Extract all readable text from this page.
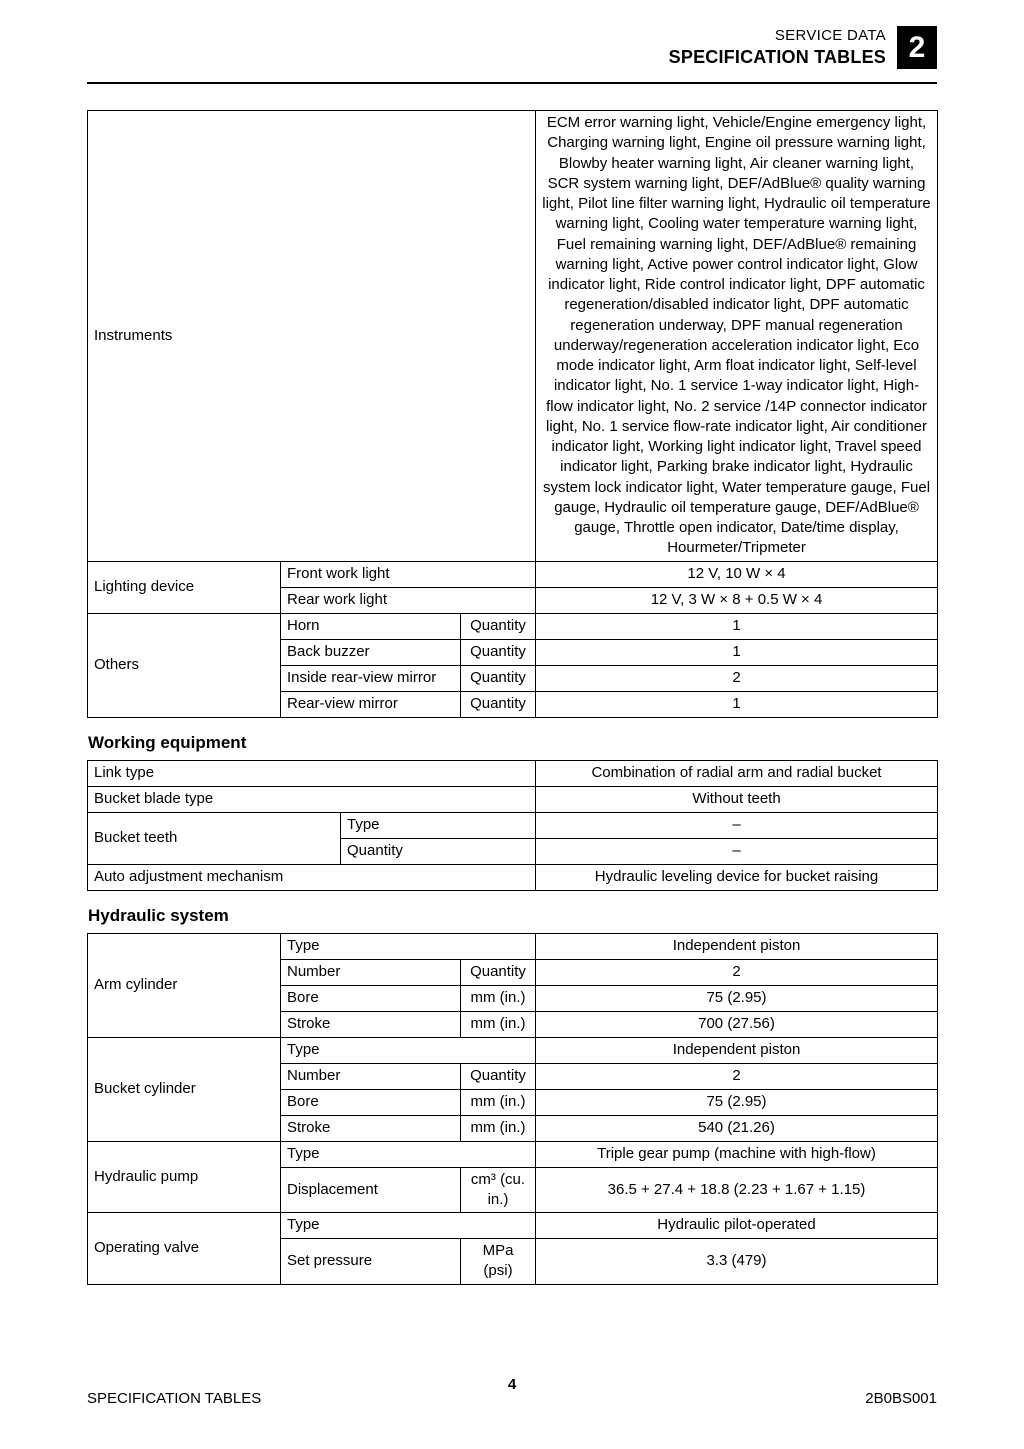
SERVICE DATA
SPECIFICATION TABLES 2
Instruments			ECM error warning light, Vehicle/Engine emergency light, Charging warning light, Engine oil pressure warning light, Blowby heater warning light, Air cleaner warning light, SCR system warning light, DEF/AdBlue® quality warning light, Pilot line filter warning light, Hydraulic oil temperature warning light, Cooling water temperature warning light, Fuel remaining warning light, DEF/AdBlue® remaining warning light, Active power control indicator light, Glow indicator light, Ride control indicator light, DPF automatic regeneration/disabled indicator light, DPF automatic regeneration underway, DPF manual regeneration underway/regeneration acceleration indicator light, Eco mode indicator light, Arm float indicator light, Self-level indicator light, No. 1 service 1-way indicator light, High-flow indicator light, No. 2 service /14P connector indicator light, No. 1 service flow-rate indicator light, Air conditioner indicator light, Working light indicator light, Travel speed indicator light, Parking brake indicator light, Hydraulic system lock indicator light, Water temperature gauge, Fuel gauge, Hydraulic oil temperature gauge, DEF/AdBlue® gauge, Throttle open indicator, Date/time display, Hourmeter/Tripmeter
Lighting device	Front work light		12 V, 10 W × 4
	Rear work light		12 V, 3 W × 8 + 0.5 W × 4
Others	Horn	Quantity	1
	Back buzzer	Quantity	1
	Inside rear-view mirror	Quantity	2
	Rear-view mirror	Quantity	1
Working equipment
Link type		Combination of radial arm and radial bucket
Bucket blade type		Without teeth
Bucket teeth	Type	–
	Quantity	–
Auto adjustment mechanism		Hydraulic leveling device for bucket raising
Hydraulic system
Arm cylinder	Type		Independent piston
	Number	Quantity	2
	Bore	mm (in.)	75 (2.95)
	Stroke	mm (in.)	700 (27.56)
Bucket cylinder	Type		Independent piston
	Number	Quantity	2
	Bore	mm (in.)	75 (2.95)
	Stroke	mm (in.)	540 (21.26)
Hydraulic pump	Type		Triple gear pump (machine with high-flow)
	Displacement	cm³ (cu. in.)	36.5 + 27.4 + 18.8 (2.23 + 1.67 + 1.15)
Operating valve	Type		Hydraulic pilot-operated
	Set pressure	MPa (psi)	3.3 (479)
SPECIFICATION TABLES
4
2B0BS001
